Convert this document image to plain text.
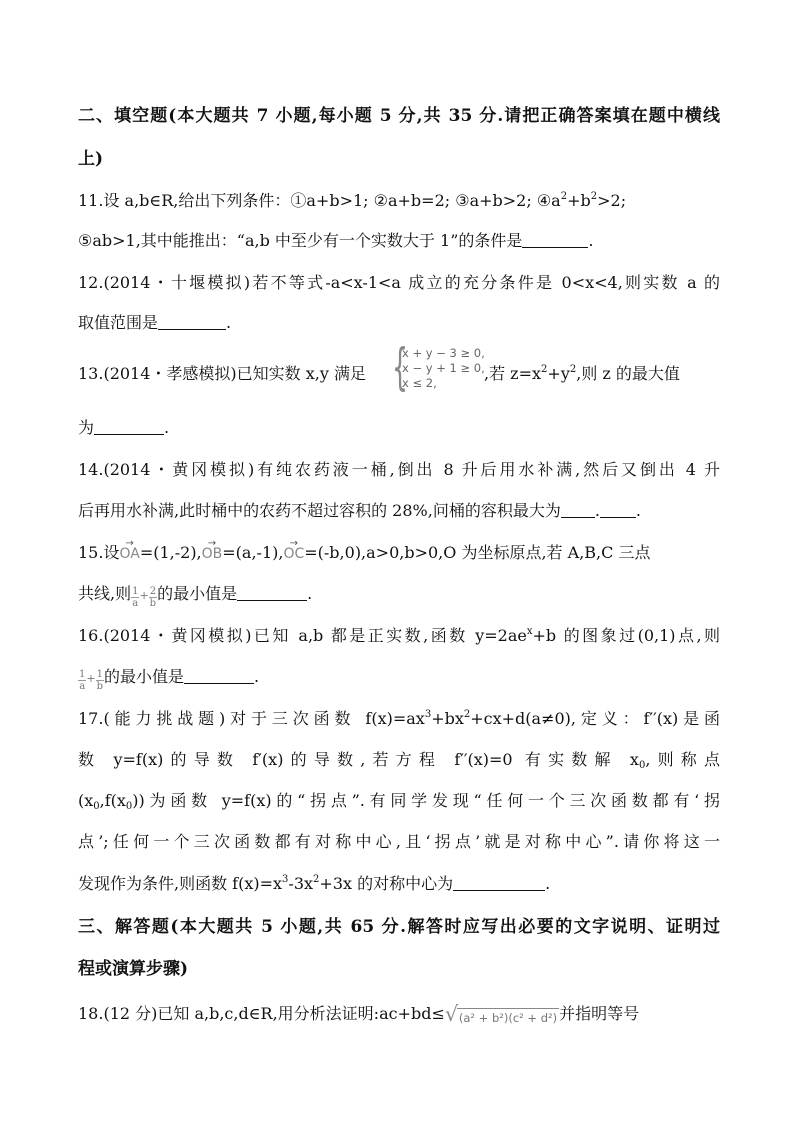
二、填空题(本大题共 7 小题,每小题 5 分,共 35 分.请把正确答案填在题中横线
上)
11.设 a,b∈R,给出下列条件：①a+b>1; ②a+b=2; ③a+b>2; $④a^2+b^2>2$;
⑤ab>1,其中能推出：“a,b 中至少有一个实数大于 1”的条件是	.
12.(2014・十堰模拟)若不等式-a<x-1<a 成立的充分条件是 0<x<4,则实数 a 的
取值范围是	.
13.(2014・孝感模拟)已知实数 x,y 满足	,若 $z=x^2+y^2$,则 z 的最大值
{
x + y − 3 ≥ 0,
x − y + 1 ≥ 0,
x ≤ 2,
为	.
14.(2014・黄冈模拟)有纯农药液一桶,倒出 8 升后用水补满,然后又倒出 4 升
后再用水补满,此时桶中的农药不超过容积的 28%,问桶的容积最大为 . .
15.设→ OA=(1,-2),→ OB=(a,-1),→ OC=(-b,0),a>0,b>0,O 为坐标原点,若 A,B,C 三点
共线,则 $\frac{1}{a} + \frac{2}{b}$ 的最小值是	.
16.(2014・黄冈模拟)已知 a,b 都是正实数,函数 $y=2ae^x+b$ 的图象过(0,1)点,则
$\frac{1}{a} + \frac{1}{b}$ 的最小值是	.
17.(能力挑战题)对于三次函数 $f(x)=ax^3+bx^2+cx+d(a\ne 0)$,定义：f′′(x)是函
数 y=f(x)的导数 f′(x)的导数,若方程 f′′(x)=0 有实数解 $x_0$,则称点
$(x_0,f(x_0))$为函数 y=f(x)的“拐点”.有同学发现“任何一个三次函数都有‘拐
点’;任何一个三次函数都有对称中心,且‘拐点’就是对称中心”.请你将这一
发现作为条件,则函数 $f(x)=x^3-3x^2+3x$ 的对称中心为	.
三、解答题(本大题共 5 小题,共 65 分.解答时应写出必要的文字说明、证明过
程或演算步骤)
18.(12 分)已知 a,b,c,d∈R,用分析法证明:ac+bd≤ √ (a² + b²)(c² + d²) 并指明等号
